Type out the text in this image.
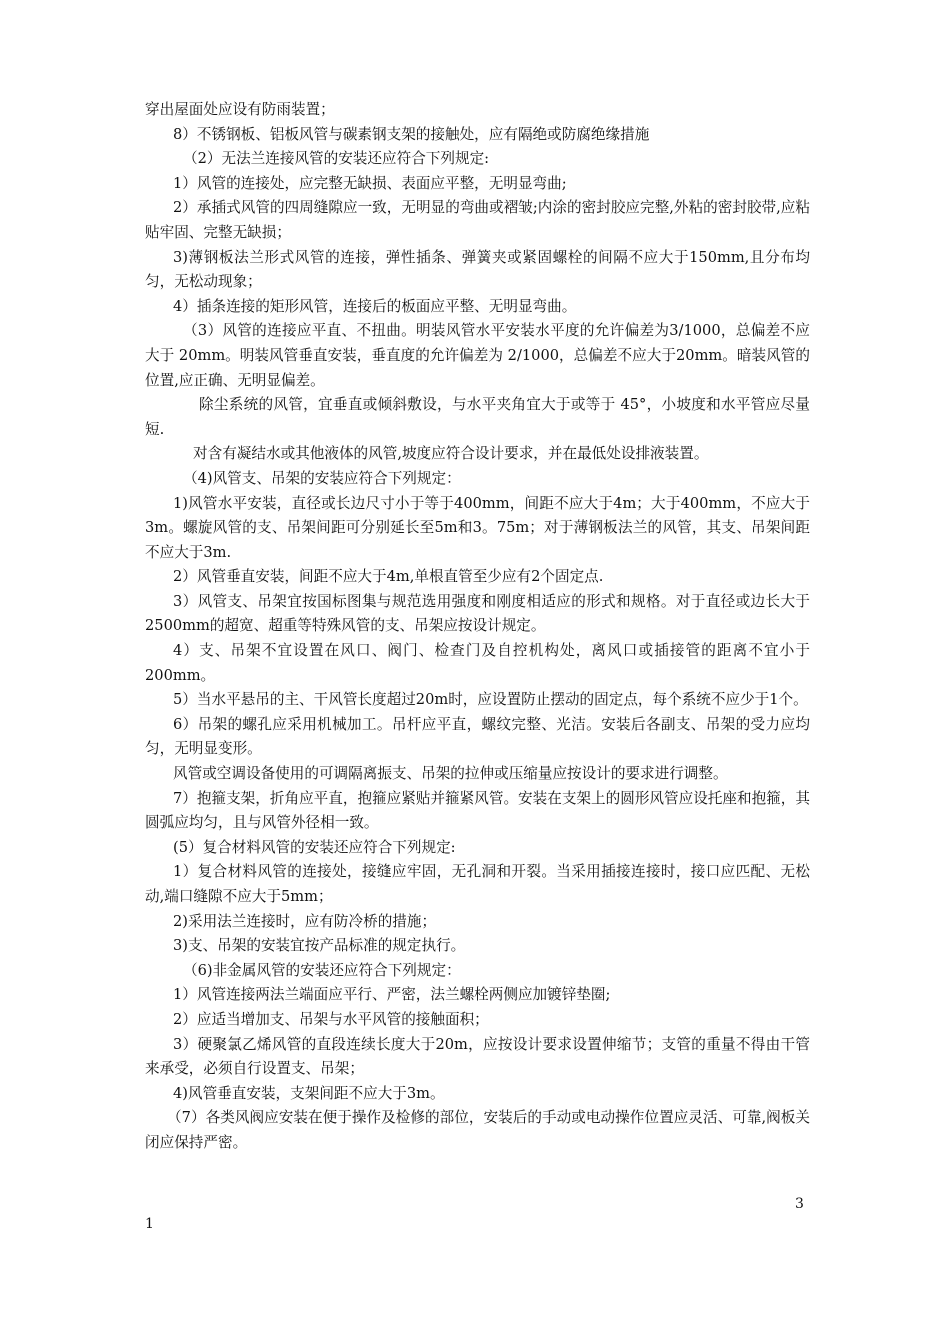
穿出屋面处应设有防雨装置；

8）不锈钢板、铝板风管与碳素钢支架的接触处，应有隔绝或防腐绝缘措施

（2）无法兰连接风管的安装还应符合下列规定:

1）风管的连接处，应完整无缺损、表面应平整，无明显弯曲;

2）承插式风管的四周缝隙应一致，无明显的弯曲或褶皱;内涂的密封胶应完整,外粘的密封胶带,应粘贴牢固、完整无缺损；

3)薄钢板法兰形式风管的连接，弹性插条、弹簧夹或紧固螺栓的间隔不应大于150mm,且分布均匀，无松动现象；

4）插条连接的矩形风管，连接后的板面应平整、无明显弯曲。

（3）风管的连接应平直、不扭曲。明装风管水平安装水平度的允许偏差为3/1000，总偏差不应大于 20mm。明装风管垂直安装，垂直度的允许偏差为 2/1000，总偏差不应大于20mm。暗装风管的位置,应正确、无明显偏差。

除尘系统的风管，宜垂直或倾斜敷设，与水平夹角宜大于或等于 45°，小坡度和水平管应尽量短.

对含有凝结水或其他液体的风管,坡度应符合设计要求，并在最低处设排液装置。

（4)风管支、吊架的安装应符合下列规定：

1)风管水平安装，直径或长边尺寸小于等于400mm，间距不应大于4m；大于400mm，不应大于3m。螺旋风管的支、吊架间距可分别延长至5m和3。75m；对于薄钢板法兰的风管，其支、吊架间距不应大于3m.

2）风管垂直安装，间距不应大于4m,单根直管至少应有2个固定点.

3）风管支、吊架宜按国标图集与规范选用强度和刚度相适应的形式和规格。对于直径或边长大于2500mm的超宽、超重等特殊风管的支、吊架应按设计规定。

4）支、吊架不宜设置在风口、阀门、检查门及自控机构处，离风口或插接管的距离不宜小于200mm。

5）当水平悬吊的主、干风管长度超过20m时，应设置防止摆动的固定点，每个系统不应少于1个。

6）吊架的螺孔应采用机械加工。吊杆应平直，螺纹完整、光洁。安装后各副支、吊架的受力应均匀，无明显变形。

风管或空调设备使用的可调隔离振支、吊架的拉伸或压缩量应按设计的要求进行调整。

7）抱箍支架，折角应平直，抱箍应紧贴并箍紧风管。安装在支架上的圆形风管应设托座和抱箍，其圆弧应均匀，且与风管外径相一致。

(5）复合材料风管的安装还应符合下列规定:

1）复合材料风管的连接处，接缝应牢固，无孔洞和开裂。当采用插接连接时，接口应匹配、无松动,端口缝隙不应大于5mm；

2)采用法兰连接时，应有防冷桥的措施；

3)支、吊架的安装宜按产品标准的规定执行。

（6)非金属风管的安装还应符合下列规定：

1）风管连接两法兰端面应平行、严密，法兰螺栓两侧应加镀锌垫圈;

2）应适当增加支、吊架与水平风管的接触面积；

3）硬聚氯乙烯风管的直段连续长度大于20m，应按设计要求设置伸缩节；支管的重量不得由干管来承受，必须自行设置支、吊架；

4)风管垂直安装，支架间距不应大于3m。

（7）各类风阀应安装在便于操作及检修的部位，安装后的手动或电动操作位置应灵活、可靠,阀板关闭应保持严密。

3
1
